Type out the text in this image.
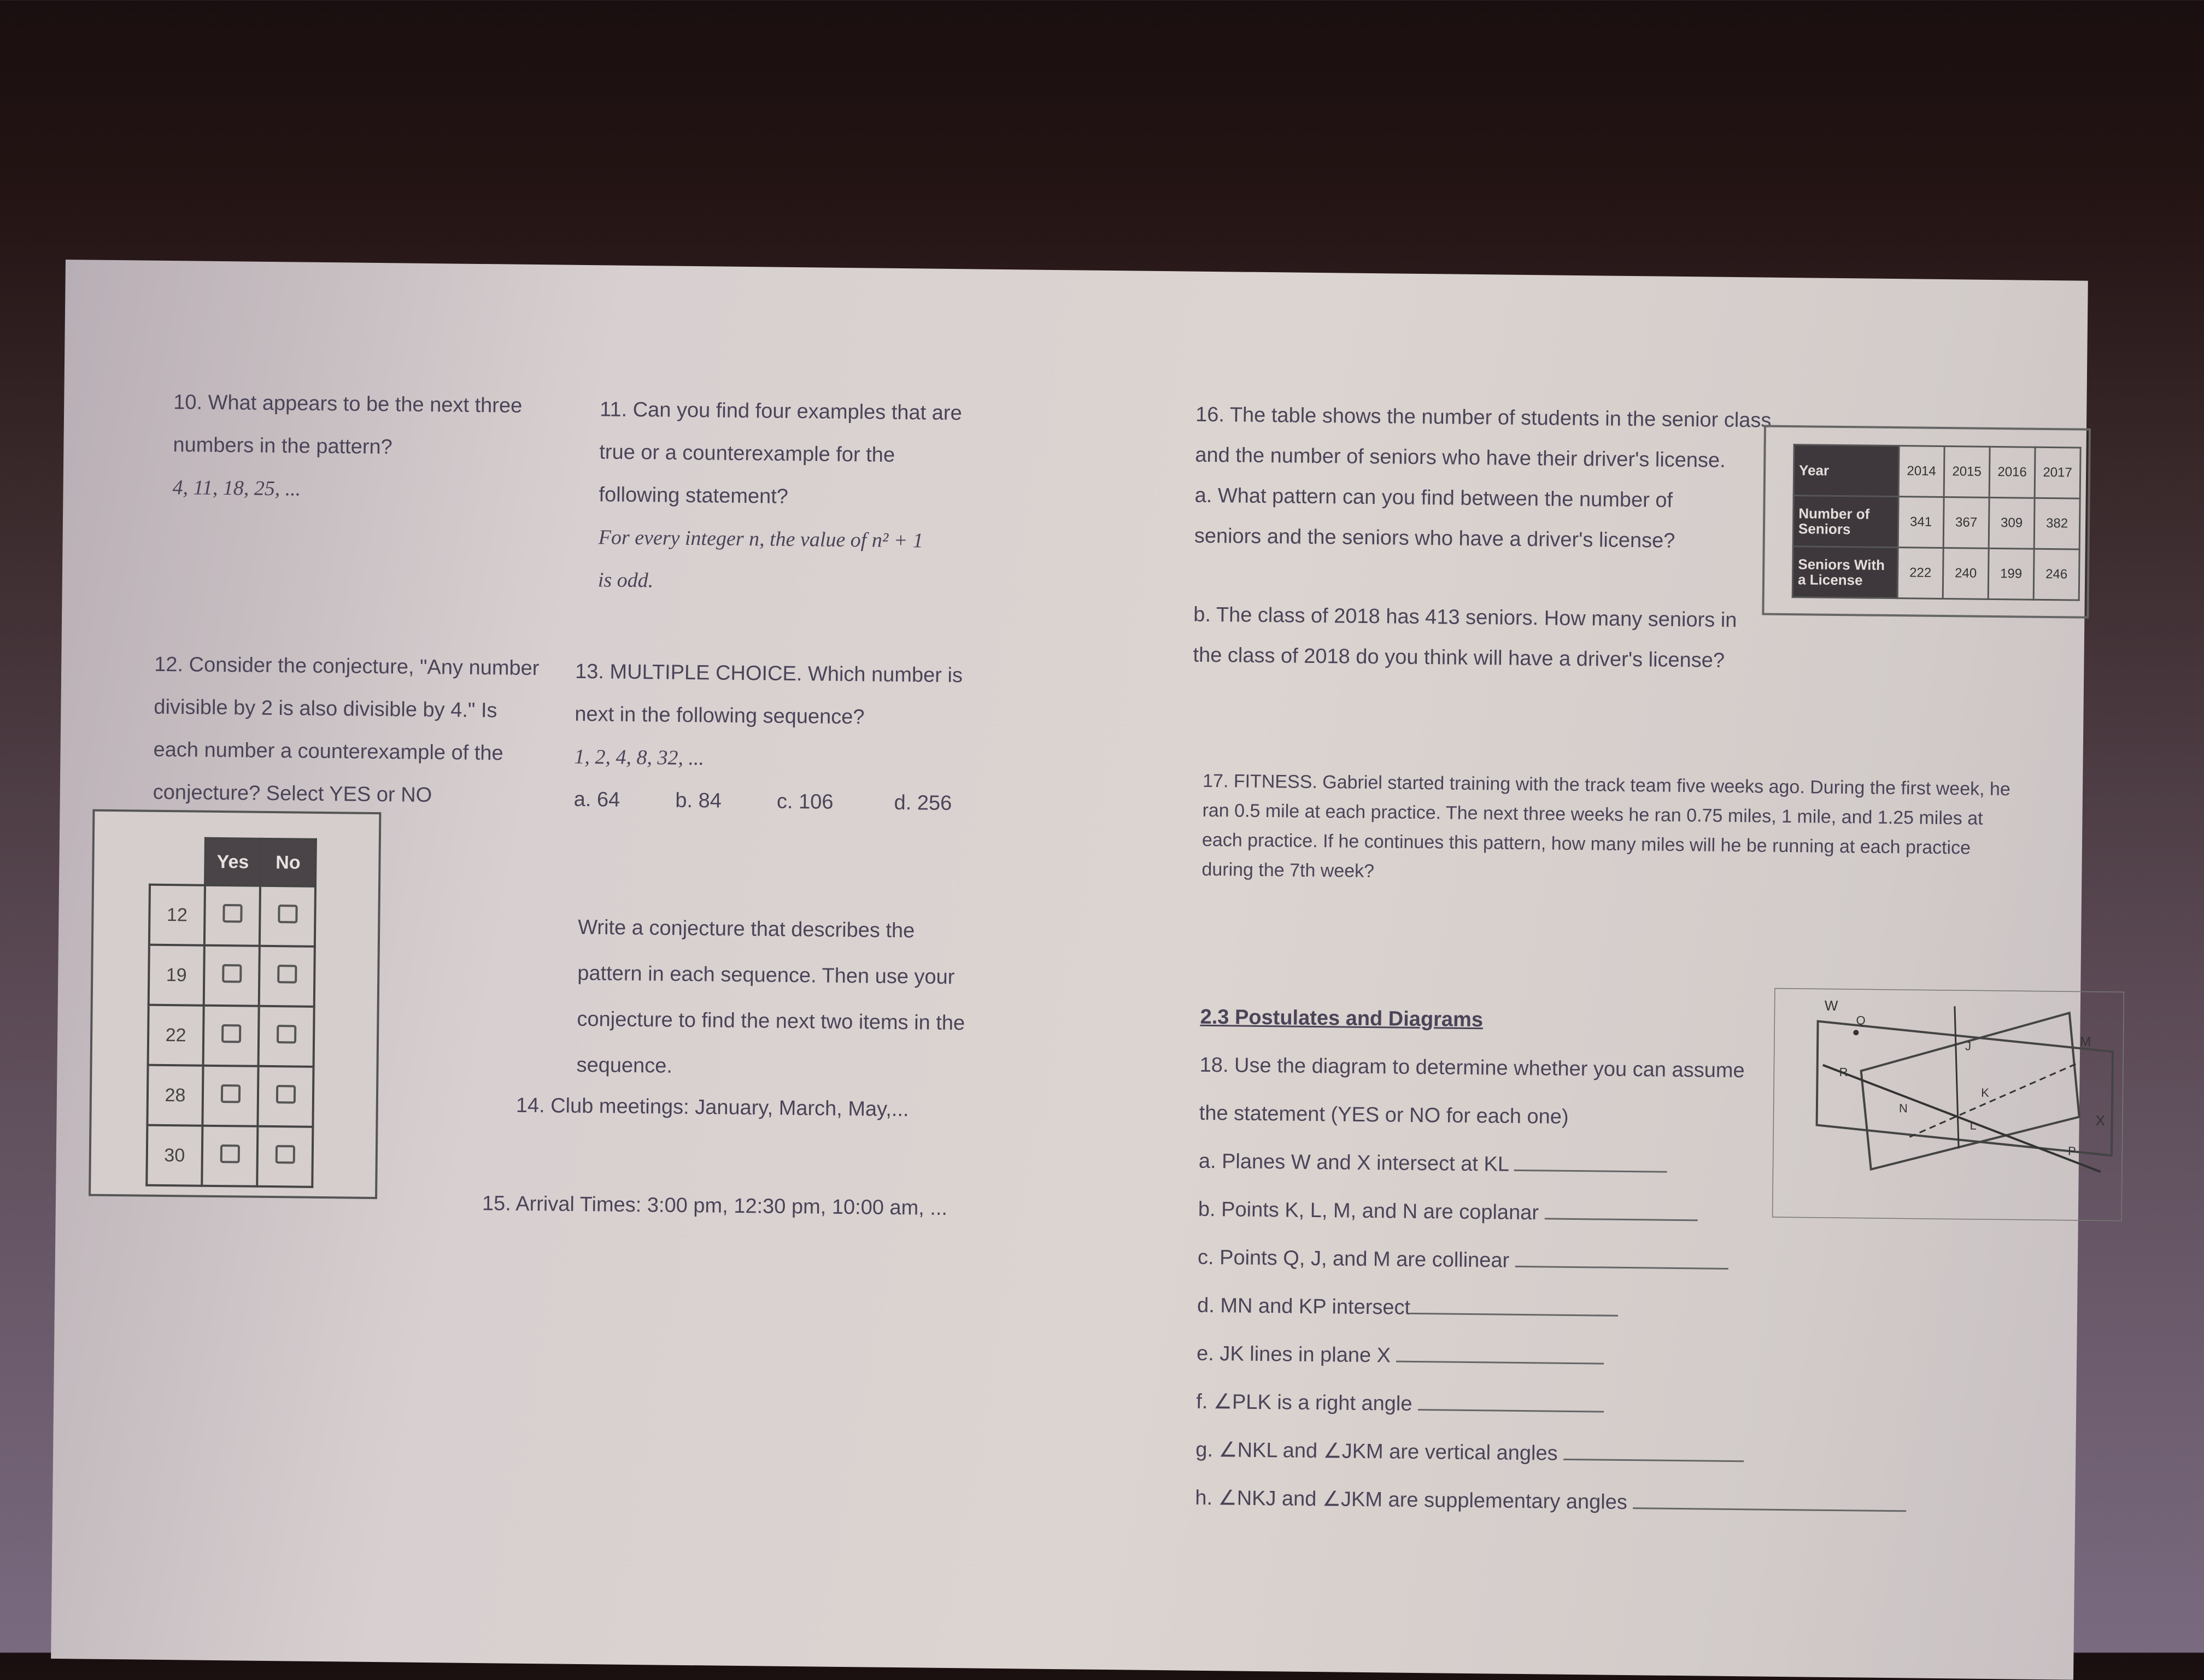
10. What appears to be the next three

numbers in the pattern?

4, 11, 18, 25, ...

11. Can you find four examples that are

true or a counterexample for the

following statement?

For every integer n, the value of n² + 1

is odd.

12. Consider the conjecture, "Any number

divisible by 2 is also divisible by 4." Is

each number a counterexample of the

conjecture? Select YES or NO

	Yes	No
12		
19		
22		
28		
30		

13. MULTIPLE CHOICE. Which number is

next in the following sequence?

1, 2, 4, 8, 32, ...

a. 64	b. 84	c. 106	d. 256

Write a conjecture that describes the

pattern in each sequence. Then use your

conjecture to find the next two items in the

sequence.

14. Club meetings: January, March, May,...

15. Arrival Times: 3:00 pm, 12:30 pm, 10:00 am, ...

16. The table shows the number of students in the senior class

and the number of seniors who have their driver's license.

a. What pattern can you find between the number of

seniors and the seniors who have a driver's license?

b. The class of 2018 has 413 seniors. How many seniors in

the class of 2018 do you think will have a driver's license?

Year	2014	2015	2016	2017
Number of Seniors	341	367	309	382
Seniors With a License	222	240	199	246

17. FITNESS. Gabriel started training with the track team five weeks ago. During the first week, he ran 0.5 mile at each practice. The next three weeks he ran 0.75 miles, 1 mile, and 1.25 miles at each practice. If he continues this pattern, how many miles will he be running at each practice during the 7th week?

2.3 Postulates and Diagrams

18. Use the diagram to determine whether you can assume

the statement (YES or NO for each one)

a. Planes W and X intersect at KL

b. Points K, L, M, and N are coplanar

c. Points Q, J, and M are collinear

d. MN and KP intersect

e. JK lines in plane X

f. ∠PLK is a right angle

g. ∠NKL and ∠JKM are vertical angles

h. ∠NKJ and ∠JKM are supplementary angles

W
Q
J	M
R
K
N
L	X
P
